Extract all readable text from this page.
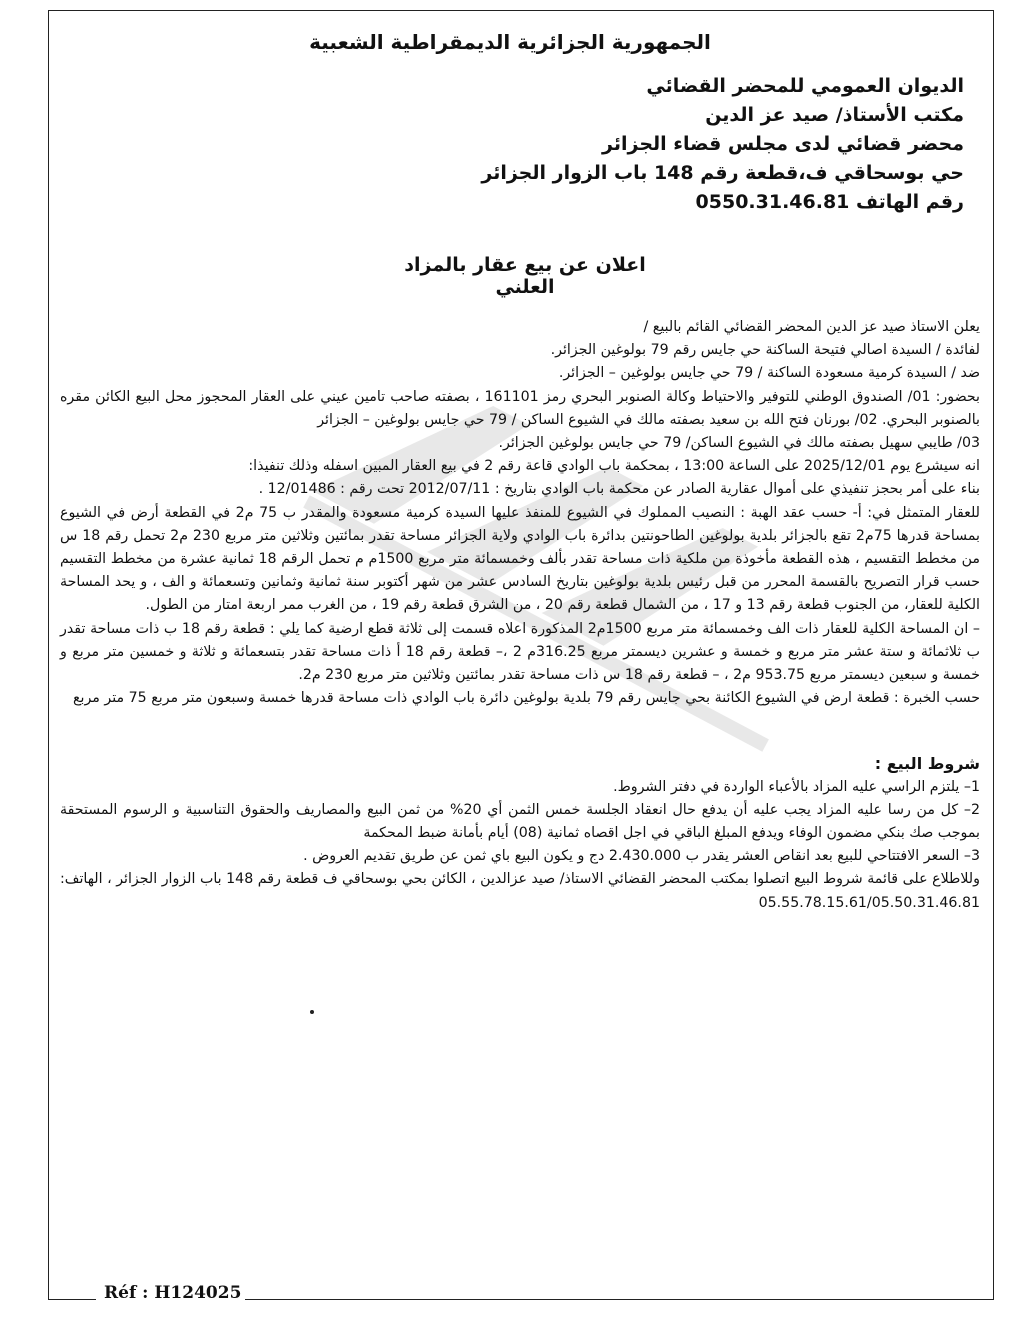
الجمهورية الجزائرية الديمقراطية الشعبية
الديوان العمومي للمحضر القضائي
مكتب الأستاذ/ صيد عز الدين
محضر قضائي لدى مجلس قضاء الجزائر
حي بوسحاقي ف،قطعة رقم 148 باب الزوار الجزائر
رقم الهاتف 0550.31.46.81
اعلان عن بيع عقار بالمزاد العلني

يعلن الاستاذ صيد عز الدين المحضر القضائي القائم بالبيع /

لفائدة / السيدة اصالي فتيحة الساكنة حي جايس رقم 79 بولوغين الجزائر.

ضد / السيدة كرمية مسعودة الساكنة / 79 حي جايس بولوغين – الجزائر.

بحضور: 01/ الصندوق الوطني للتوفير والاحتياط وكالة الصنوبر البحري رمز 161101 ، بصفته صاحب تامين عيني على العقار المحجوز محل البيع الكائن مقره بالصنوبر البحري. 02/ بورنان فتح الله بن سعيد بصفته مالك في الشيوع الساكن / 79 حي جايس بولوغين – الجزائر

03/ طايبي سهيل بصفته مالك في الشيوع الساكن/ 79 حي جايس بولوغين الجزائر.

انه سيشرع يوم 2025/12/01 على الساعة 13:00 ، بمحكمة باب الوادي قاعة رقم 2 في بيع العقار المبين اسفله وذلك تنفيذا:

بناء على أمر بحجز تنفيذي على أموال عقارية الصادر عن محكمة باب الوادي بتاريخ : 2012/07/11 تحت رقم : 12/01486 .

للعقار المتمثل في: أ- حسب عقد الهبة : النصيب المملوك في الشيوع للمنفذ عليها السيدة كرمية مسعودة والمقدر ب 75 م2 في القطعة أرض في الشيوع بمساحة قدرها 75م2 تقع بالجزائر بلدية بولوغين الطاحونتين بدائرة باب الوادي ولاية الجزائر مساحة تقدر بمائتين وثلاثين متر مربع 230 م2 تحمل رقم 18 س من مخطط التقسيم ، هذه القطعة مأخوذة من ملكية ذات مساحة تقدر بألف وخمسمائة متر مربع 1500م م تحمل الرقم 18 ثمانية عشرة من مخطط التقسيم حسب قرار التصريح بالقسمة المحرر من قبل رئيس بلدية بولوغين بتاريخ السادس عشر من شهر أكتوبر سنة ثمانية وثمانين وتسعمائة و الف ، و يحد المساحة الكلية للعقار، من الجنوب قطعة رقم 13 و 17 ، من الشمال قطعة رقم 20 ، من الشرق قطعة رقم 19 ، من الغرب ممر اربعة امتار من الطول.

– ان المساحة الكلية للعقار ذات الف وخمسمائة متر مربع 1500م2 المذكورة اعلاه قسمت إلى ثلاثة قطع ارضية كما يلي : قطعة رقم 18 ب ذات مساحة تقدر ب ثلاثمائة و ستة عشر متر مربع و خمسة و عشرين ديسمتر مربع 316.25م 2 ،– قطعة رقم 18 أ ذات مساحة تقدر بتسعمائة و ثلاثة و خمسين متر مربع و خمسة و سبعين ديسمتر مربع 953.75 م2 ، – قطعة رقم 18 س ذات مساحة تقدر بمائتين وثلاثين متر مربع 230 م2.

حسب الخبرة : قطعة ارض في الشيوع الكائنة بحي جايس رقم 79 بلدية بولوغين دائرة باب الوادي ذات مساحة قدرها خمسة وسبعون متر مربع 75 متر مربع

شروط البيع :

1– يلتزم الراسي عليه المزاد بالأعباء الواردة في دفتر الشروط.

2– كل من رسا عليه المزاد يجب عليه أن يدفع حال انعقاد الجلسة خمس الثمن أي 20% من ثمن البيع والمصاريف والحقوق التناسبية و الرسوم المستحقة بموجب صك بنكي مضمون الوفاء ويدفع المبلغ الباقي في اجل اقصاه ثمانية (08) أيام بأمانة ضبط المحكمة

3– السعر الافتتاحي للبيع بعد انقاص العشر يقدر ب 2.430.000 دج و يكون البيع باي ثمن عن طريق تقديم العروض .

وللاطلاع على قائمة شروط البيع اتصلوا بمكتب المحضر القضائي الاستاذ/ صيد عزالدين ، الكائن بحي بوسحاقي ف قطعة رقم 148 باب الزوار الجزائر ، الهاتف: 05.55.78.15.61/05.50.31.46.81

Réf : H124025
